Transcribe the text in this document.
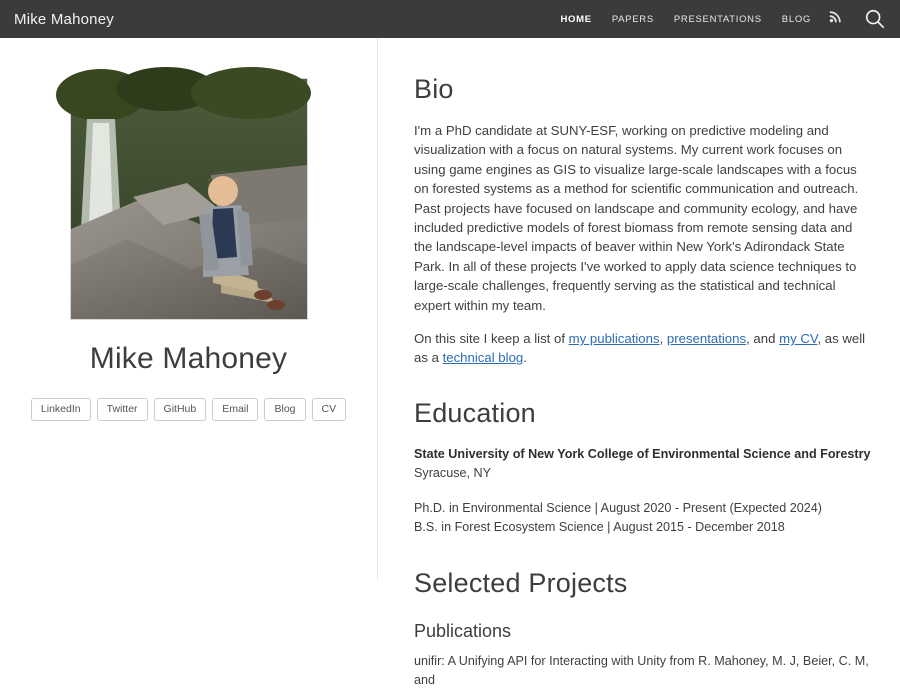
Mike Mahoney	HOME PAPERS PRESENTATIONS BLOG
Mike Mahoney
LinkedIn	Twitter	GitHub	Email	Blog	CV
Bio

I'm a PhD candidate at SUNY-ESF, working on predictive modeling and visualization with a focus on natural systems. My current work focuses on using game engines as GIS to visualize large-scale landscapes with a focus on forested systems as a method for scientific communication and outreach. Past projects have focused on landscape and community ecology, and have included predictive models of forest biomass from remote sensing data and the landscape-level impacts of beaver within New York's Adirondack State Park. In all of these projects I've worked to apply data science techniques to large-scale challenges, frequently serving as the statistical and technical expert within my team.

On this site I keep a list of my publications, presentations, and my CV, as well as a technical blog.

Education

State University of New York College of Environmental Science and Forestry

Syracuse, NY

Ph.D. in Environmental Science | August 2020 - Present (Expected 2024)

B.S. in Forest Ecosystem Science | August 2015 - December 2018

Selected Projects
Publications

unifir: A Unifying API for Interacting with Unity from R. Mahoney, M. J, Beier, C. M, and
